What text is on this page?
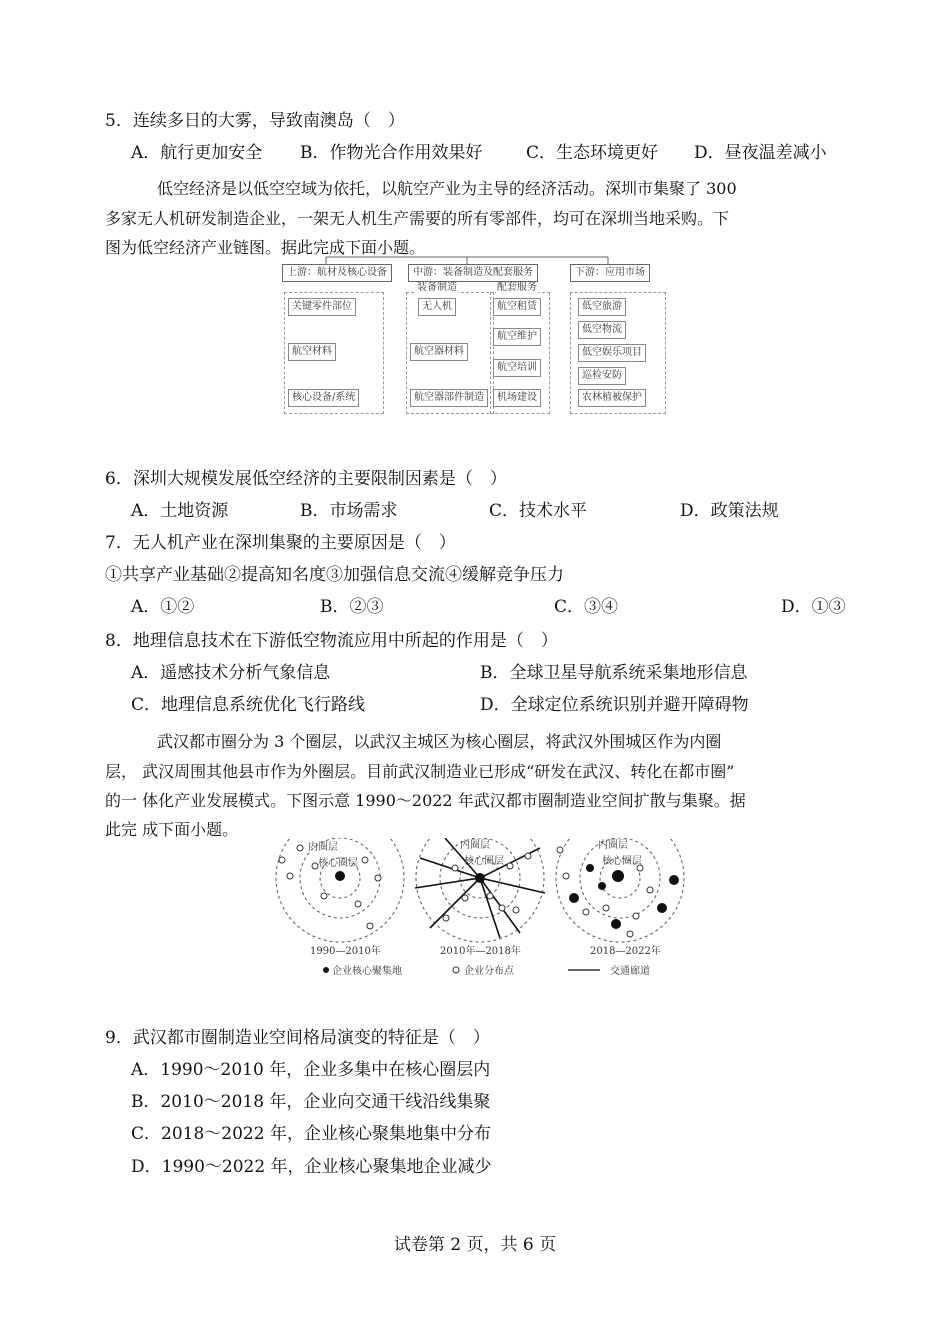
5．连续多日的大雾，导致南澳岛（　）
A．航行更加安全 B．作物光合作用效果好	C．生态环境更好 D．昼夜温差减小
低空经济是以低空空域为依托，以航空产业为主导的经济活动。深圳市集聚了 300
多家无人机研发制造企业，一架无人机生产需要的所有零部件，均可在深圳当地采购。下
图为低空经济产业链图。据此完成下面小题。
上游：航材及核心设备	中游：装备制造及配套服务	下游：应用市场
装备制造	配套服务
关键零件部位
航空材料
核心设备/系统
无人机
航空器材料
航空器部件制造
航空租赁
航空维护
航空培训
机场建设
低空旅游
低空物流
低空娱乐项目
巡检安防
农林植被保护
6．深圳大规模发展低空经济的主要限制因素是（　）
A．土地资源	B．市场需求	C．技术水平	D．政策法规
7．无人机产业在深圳集聚的主要原因是（　）
①共享产业基础②提高知名度③加强信息交流④缓解竞争压力
A．①②	B．②③	C．③④	D．①③
8．地理信息技术在下游低空物流应用中所起的作用是（　）
A．遥感技术分析气象信息	B．全球卫星导航系统采集地形信息
C．地理信息系统优化飞行路线	D．全球定位系统识别并避开障碍物
武汉都市圈分为 3 个圈层，以武汉主城区为核心圈层，将武汉外围城区作为内圈
层， 武汉周围其他县市作为外圈层。目前武汉制造业已形成“研发在武汉、转化在都市圈”
的一 体化产业发展模式。下图示意 1990～2022 年武汉都市圈制造业空间扩散与集聚。据
此完 成下面小题。
内圈层
核心圈层
内圈层
核心圈层
内圈层
核心圈层
1990—2010年	2010年—2018年	2018—2022年
企业核心聚集地	企业分布点	交通廊道
9．武汉都市圈制造业空间格局演变的特征是（　）
A．1990～2010 年，企业多集中在核心圈层内
B．2010～2018 年，企业向交通干线沿线集聚
C．2018～2022 年，企业核心聚集地集中分布
D．1990～2022 年，企业核心聚集地企业减少
试卷第 2 页，共 6 页
